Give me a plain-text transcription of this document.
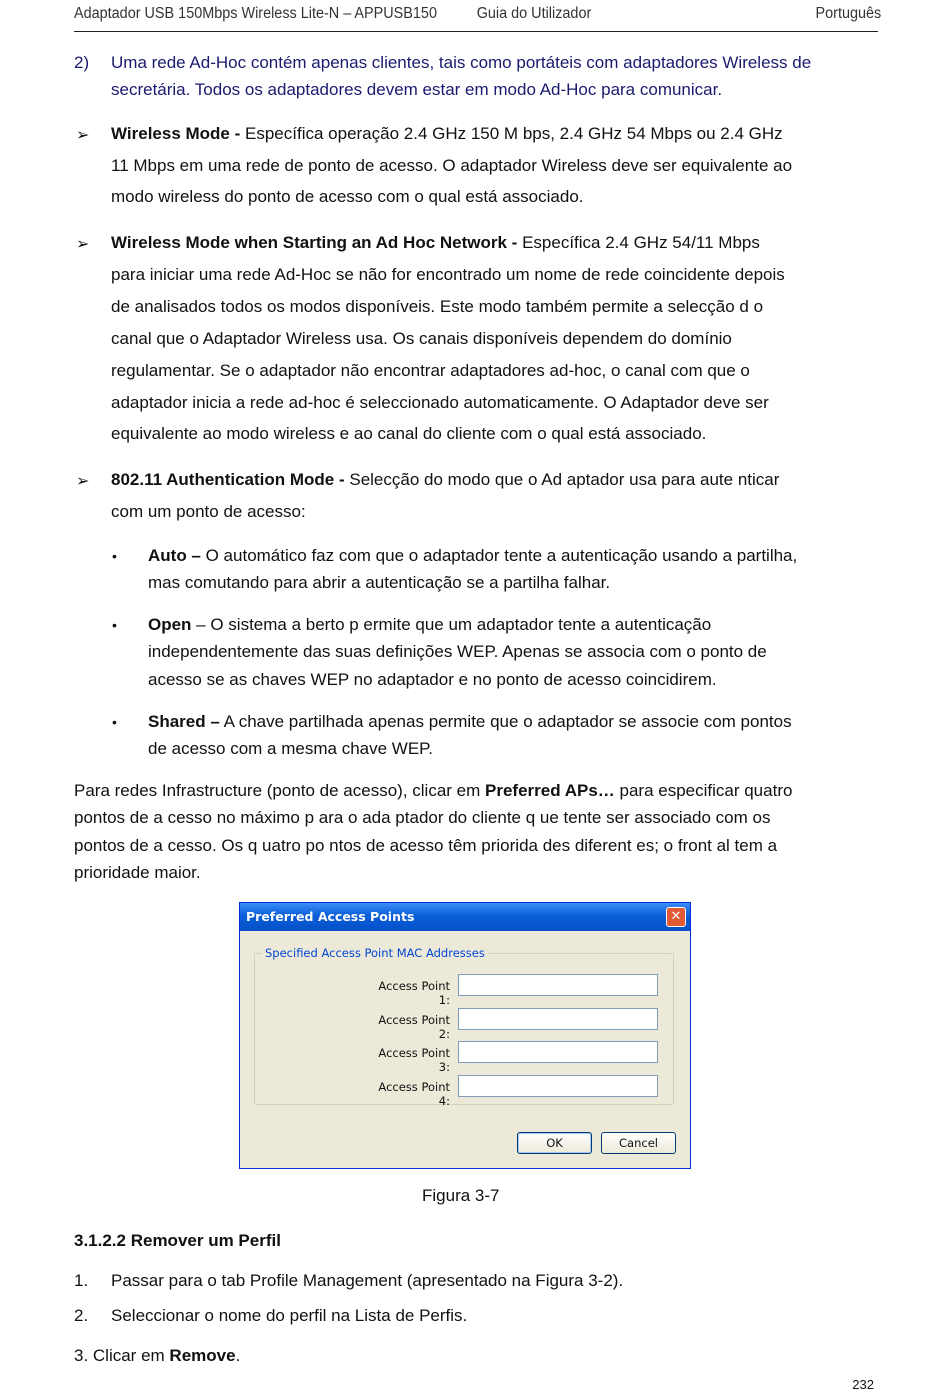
Adaptador USB 150Mbps Wireless Lite-N – APPUSB150	Guia do Utilizador	Português
2) Uma rede Ad-Hoc contém apenas clientes, tais como portáteis com adaptadores Wireless de
secretária. Todos os adaptadores devem estar em modo Ad-Hoc para comunicar.
➢ Wireless Mode - Específica operação 2.4 GHz 150 M bps, 2.4 GHz 54 Mbps ou 2.4 GHz
11 Mbps em uma rede de ponto de acesso. O adaptador Wireless deve ser equivalente ao
modo wireless do ponto de acesso com o qual está associado.
➢ Wireless Mode when Starting an Ad Hoc Network - Específica 2.4 GHz 54/11 Mbps
para iniciar uma rede Ad-Hoc se não for encontrado um nome de rede coincidente depois
de analisados todos os modos disponíveis. Este modo também permite a selecção d o
canal que o Adaptador Wireless usa. Os canais disponíveis dependem do domínio
regulamentar. Se o adaptador não encontrar adaptadores ad-hoc, o canal com que o
adaptador inicia a rede ad-hoc é seleccionado automaticamente. O Adaptador deve ser
equivalente ao modo wireless e ao canal do cliente com o qual está associado.
➢ 802.11 Authentication Mode - Selecção do modo que o Ad aptador usa para aute nticar
com um ponto de acesso:
• Auto – O automático faz com que o adaptador tente a autenticação usando a partilha,
mas comutando para abrir a autenticação se a partilha falhar.
• Open – O sistema a berto p ermite que um adaptador tente a autenticação
independentemente das suas definições WEP. Apenas se associa com o ponto de
acesso se as chaves WEP no adaptador e no ponto de acesso coincidirem.
• Shared – A chave partilhada apenas permite que o adaptador se associe com pontos
de acesso com a mesma chave WEP.
Para redes Infrastructure (ponto de acesso), clicar em Preferred APs… para especificar quatro
pontos de a cesso no máximo p ara o ada ptador do cliente q ue tente ser associado com os
pontos de a cesso. Os q uatro po ntos de acesso têm priorida des diferent es; o front al tem a
prioridade maior.
Preferred Access Points	✕
Specified Access Point MAC Addresses
Access Point 1:
Access Point 2:
Access Point 3:
Access Point 4:
OK	Cancel
Figura 3-7
3.1.2.2 Remover um Perfil
1. Passar para o tab Profile Management (apresentado na Figura 3-2).
2. Seleccionar o nome do perfil na Lista de Perfis.
3. Clicar em Remove.
232
